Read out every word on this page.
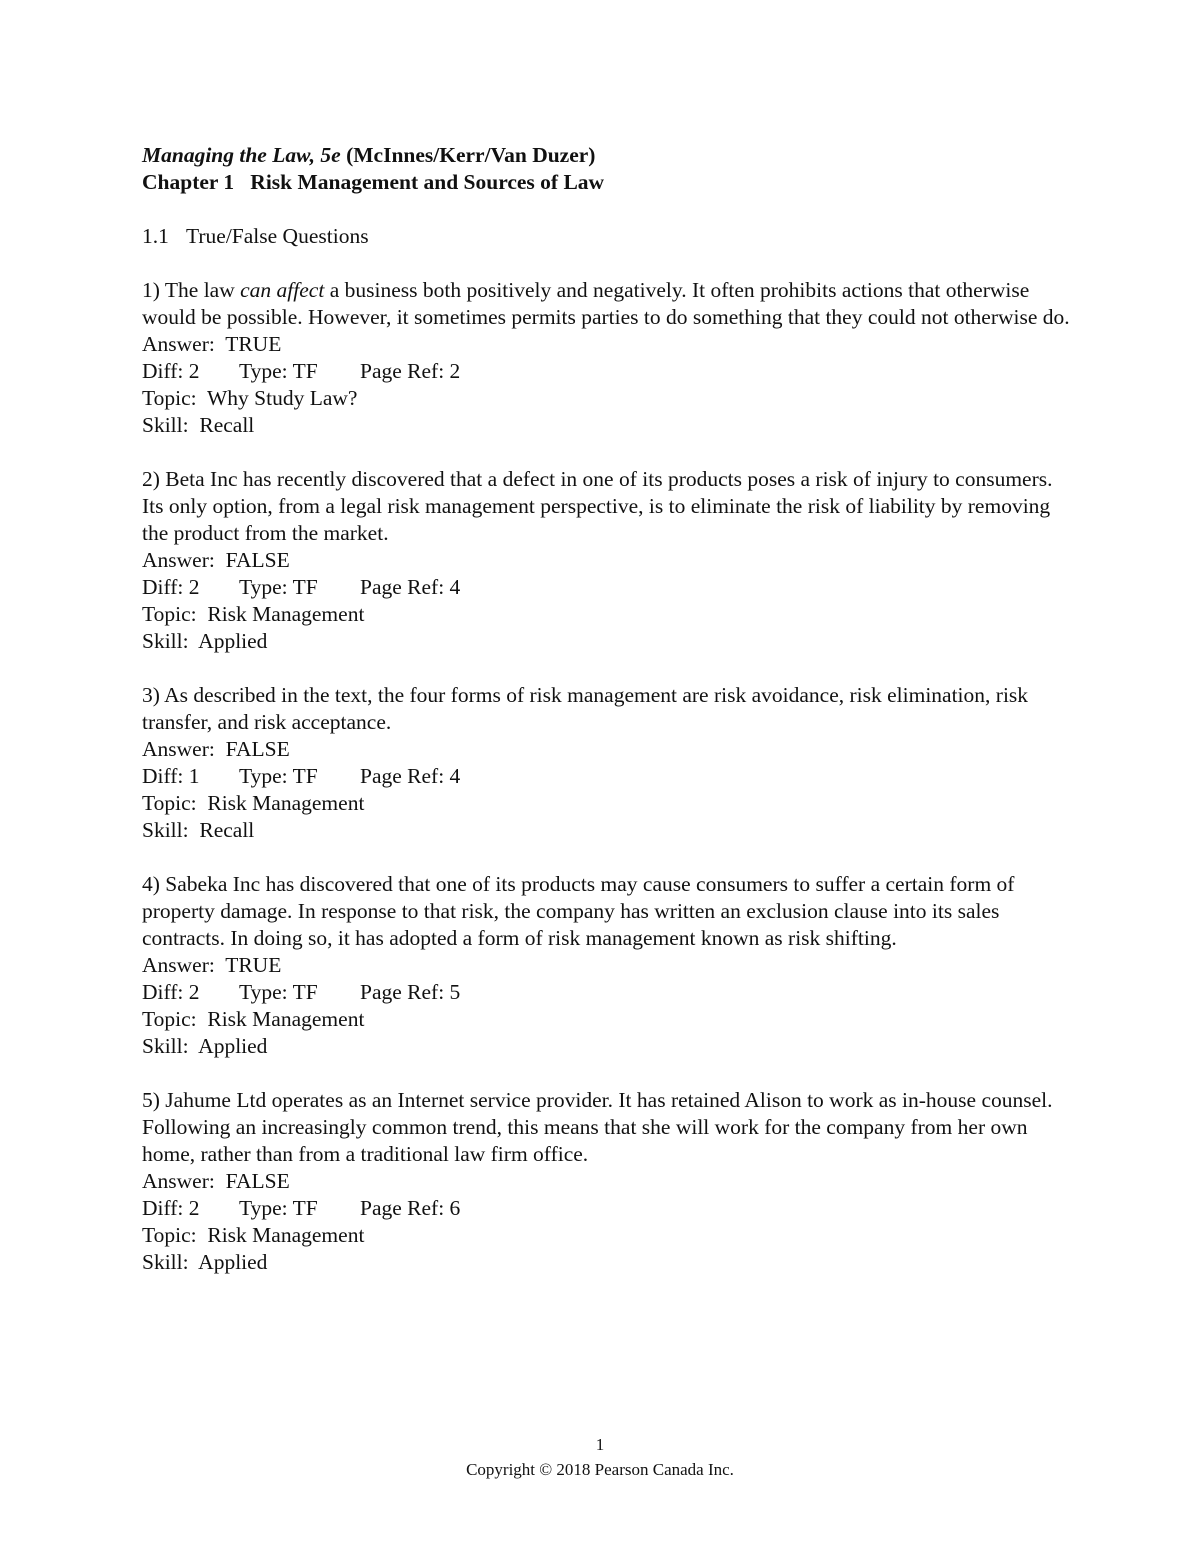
Managing the Law, 5e (McInnes/Kerr/Van Duzer)

Chapter 1   Risk Management and Sources of Law

1.1 True/False Questions

1) The law can affect a business both positively and negatively. It often prohibits actions that otherwise would be possible. However, it sometimes permits parties to do something that they could not otherwise do.

Answer:  TRUE

Diff: 2	Type: TF	Page Ref: 2

Topic:  Why Study Law?

Skill:  Recall

2) Beta Inc has recently discovered that a defect in one of its products poses a risk of injury to consumers. Its only option, from a legal risk management perspective, is to eliminate the risk of liability by removing the product from the market.

Answer:  FALSE

Diff: 2	Type: TF	Page Ref: 4

Topic:  Risk Management

Skill:  Applied

3) As described in the text, the four forms of risk management are risk avoidance, risk elimination, risk transfer, and risk acceptance.

Answer:  FALSE

Diff: 1	Type: TF	Page Ref: 4

Topic:  Risk Management

Skill:  Recall

4) Sabeka Inc has discovered that one of its products may cause consumers to suffer a certain form of property damage. In response to that risk, the company has written an exclusion clause into its sales contracts. In doing so, it has adopted a form of risk management known as risk shifting.

Answer:  TRUE

Diff: 2	Type: TF	Page Ref: 5

Topic:  Risk Management

Skill:  Applied

5) Jahume Ltd operates as an Internet service provider. It has retained Alison to work as in-house counsel. Following an increasingly common trend, this means that she will work for the company from her own home, rather than from a traditional law firm office.

Answer:  FALSE

Diff: 2	Type: TF	Page Ref: 6

Topic:  Risk Management

Skill:  Applied

1
Copyright © 2018 Pearson Canada Inc.
